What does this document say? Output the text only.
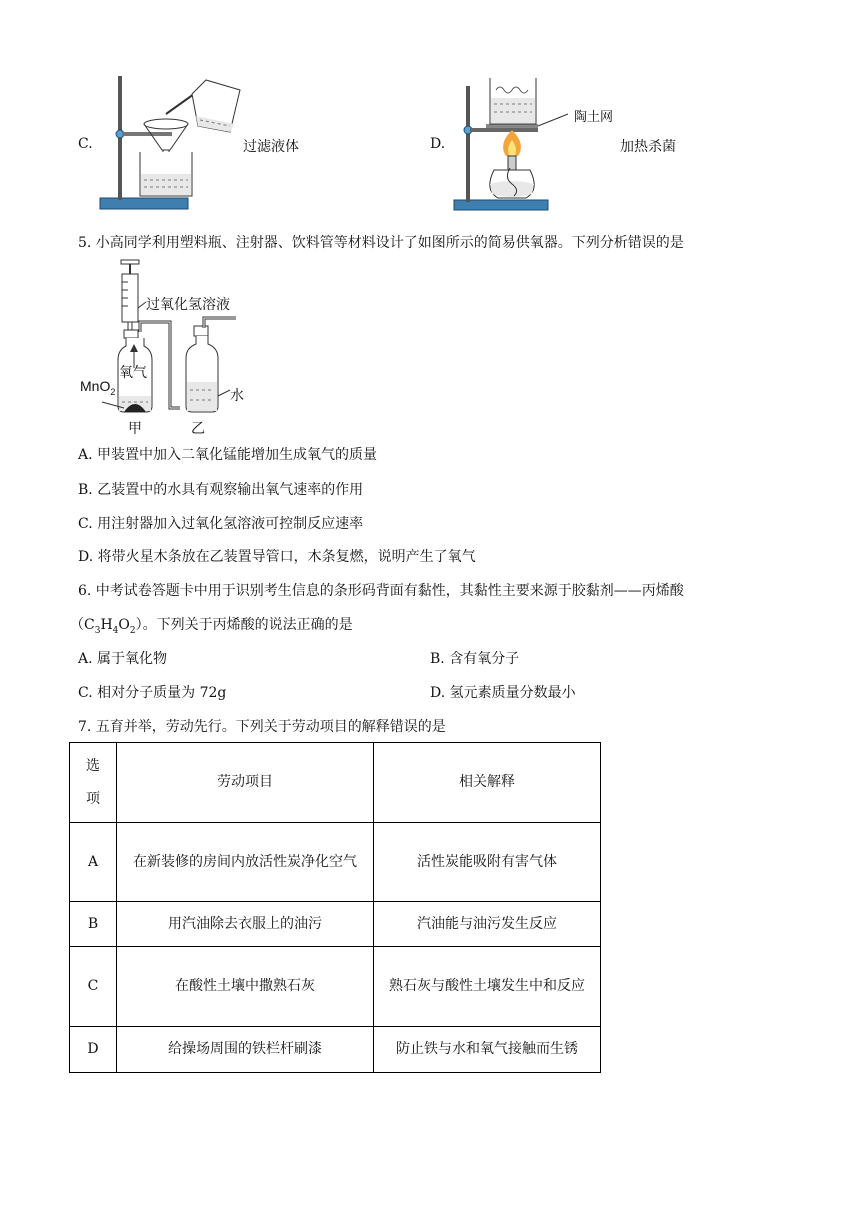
C.	过滤液体	D.
陶土网
加热杀菌
5. 小高同学利用塑料瓶、注射器、饮料管等材料设计了如图所示的简易供氧器。下列分析错误的是
过氧化氢溶液
氧气
MnO$_2$	水
甲	乙
A. 甲装置中加入二氧化锰能增加生成氧气的质量
B. 乙装置中的水具有观察输出氧气速率的作用
C. 用注射器加入过氧化氢溶液可控制反应速率
D. 将带火星木条放在乙装置导管口，木条复燃，说明产生了氧气
6. 中考试卷答题卡中用于识别考生信息的条形码背面有黏性，其黏性主要来源于胶黏剂——丙烯酸
$(C_3H_4O_2)$。下列关于丙烯酸的说法正确的是
A. 属于氧化物	B. 含有氧分子
C. 相对分子质量为 72g	D. 氢元素质量分数最小
7. 五育并举，劳动先行。下列关于劳动项目的解释错误的是
选
项	劳动项目	相关解释
A	在新装修的房间内放活性炭净化空气	活性炭能吸附有害气体
B	用汽油除去衣服上的油污	汽油能与油污发生反应
C	在酸性土壤中撒熟石灰	熟石灰与酸性土壤发生中和反应
D	给操场周围的铁栏杆刷漆	防止铁与水和氧气接触而生锈
